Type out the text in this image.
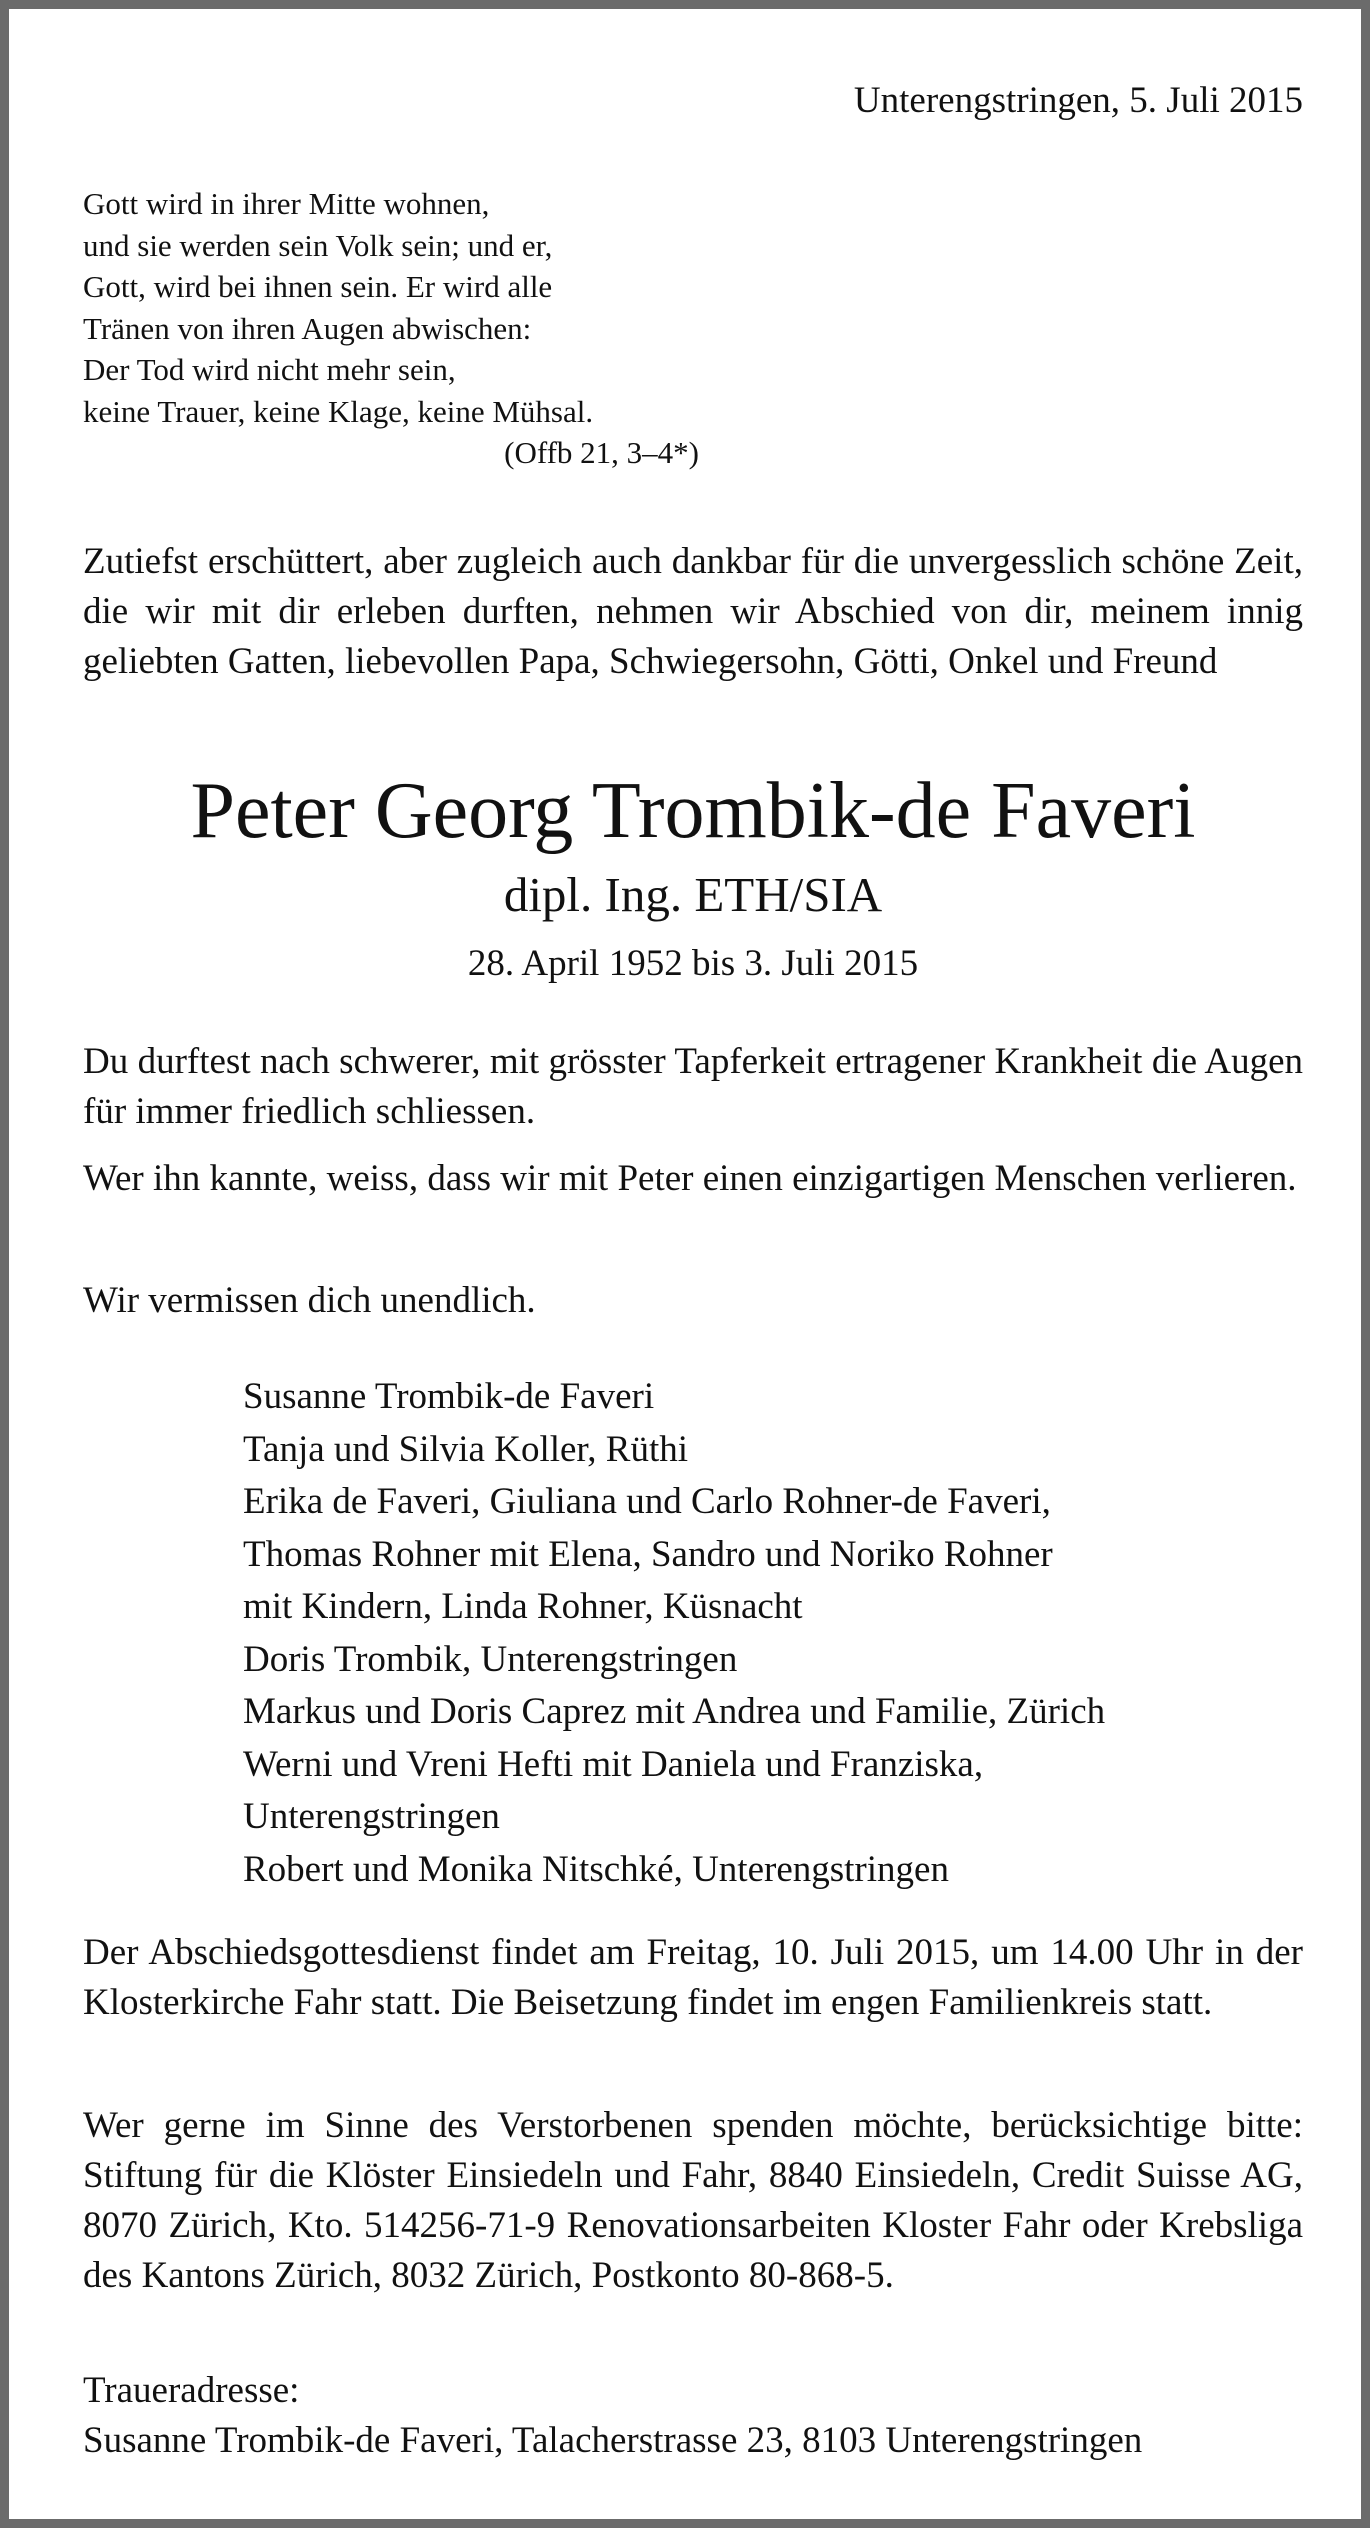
Unterengstringen, 5. Juli 2015
Gott wird in ihrer Mitte wohnen,
und sie werden sein Volk sein; und er,
Gott, wird bei ihnen sein. Er wird alle
Tränen von ihren Augen abwischen:
Der Tod wird nicht mehr sein,
keine Trauer, keine Klage, keine Mühsal.
(Offb 21, 3–4*)

Zutiefst erschüttert, aber zugleich auch dankbar für die unvergesslich schöne Zeit, die wir mit dir erleben durften, nehmen wir Abschied von dir, meinem innig geliebten Gatten, liebevollen Papa, Schwiegersohn, Götti, Onkel und Freund

Peter Georg Trombik-de Faveri
dipl. Ing. ETH/SIA
28. April 1952 bis 3. Juli 2015

Du durftest nach schwerer, mit grösster Tapferkeit ertragener Krankheit die Augen für immer friedlich schliessen.

Wer ihn kannte, weiss, dass wir mit Peter einen einzigartigen Menschen verlieren.

Wir vermissen dich unendlich.

Susanne Trombik-de Faveri
Tanja und Silvia Koller, Rüthi
Erika de Faveri, Giuliana und Carlo Rohner-de Faveri,
Thomas Rohner mit Elena, Sandro und Noriko Rohner
mit Kindern, Linda Rohner, Küsnacht
Doris Trombik, Unterengstringen
Markus und Doris Caprez mit Andrea und Familie, Zürich
Werni und Vreni Hefti mit Daniela und Franziska,
Unterengstringen
Robert und Monika Nitschké, Unterengstringen

Der Abschiedsgottesdienst findet am Freitag, 10. Juli 2015, um 14.00 Uhr in der Klosterkirche Fahr statt. Die Beisetzung findet im engen Familienkreis statt.

Wer gerne im Sinne des Verstorbenen spenden möchte, berücksichtige bitte: Stiftung für die Klöster Einsiedeln und Fahr, 8840 Einsiedeln, Credit Suisse AG, 8070 Zürich, Kto. 514256-71-9 Renovationsarbeiten Kloster Fahr oder Krebsliga des Kantons Zürich, 8032 Zürich, Postkonto 80-868-5.

Traueradresse:
Susanne Trombik-de Faveri, Talacherstrasse 23, 8103 Unterengstringen
